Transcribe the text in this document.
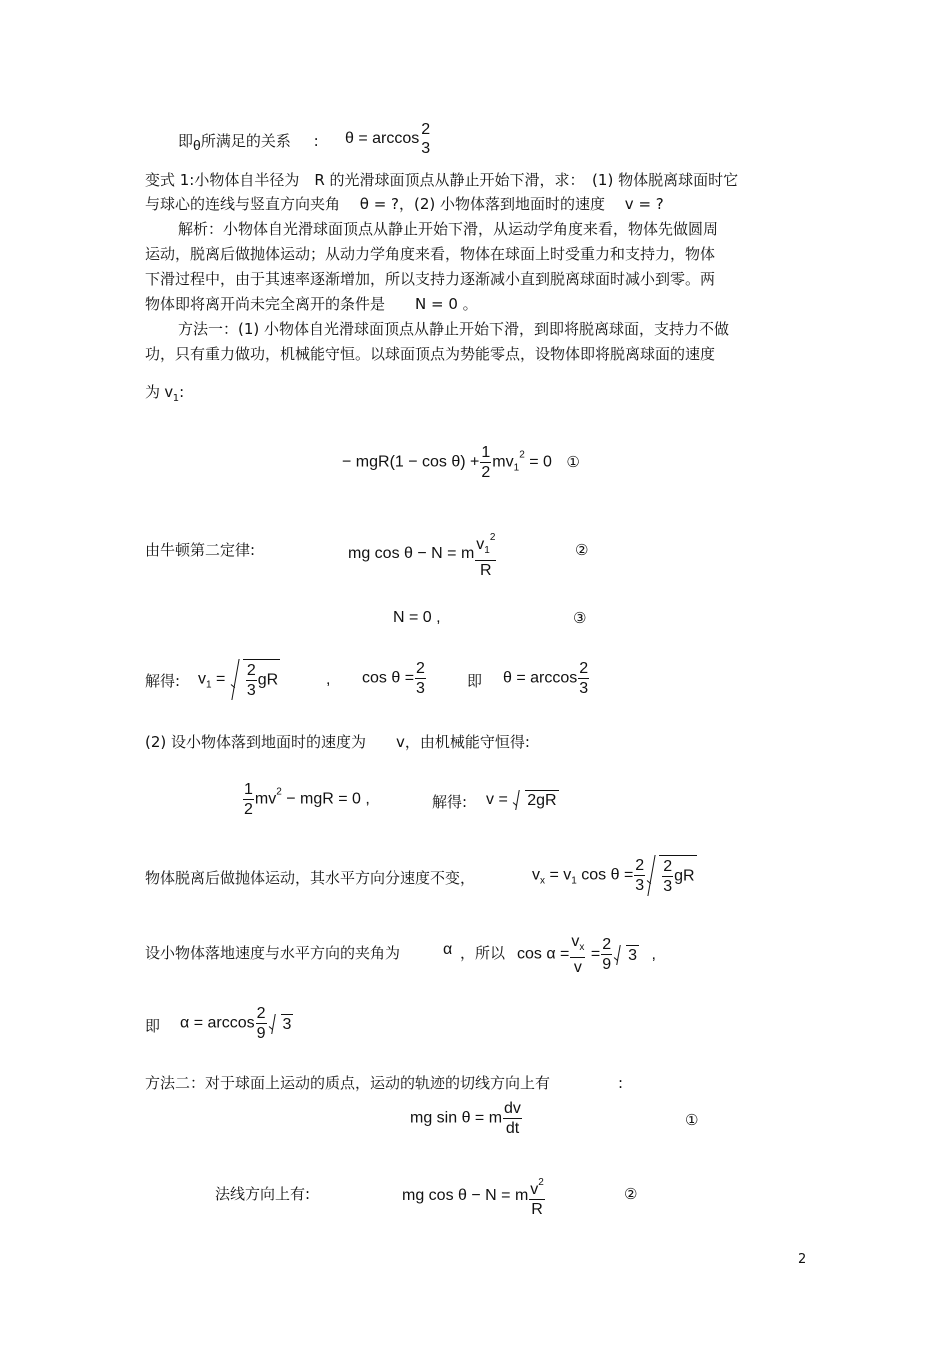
即θ所满足的关系 : θ = arccos
2
3
变式 1:小物体自半径为　R 的光滑球面顶点从静止开始下滑，求：　(1) 物体脱离球面时它
与球心的连线与竖直方向夹角　 θ = ?，(2) 小物体落到地面时的速度　 v = ?
解析：小物体自光滑球面顶点从静止开始下滑，从运动学角度来看，物体先做圆周
运动，脱离后做抛体运动；从动力学角度来看，物体在球面上时受重力和支持力，物体
下滑过程中，由于其速率逐渐增加，所以支持力逐渐减小直到脱离球面时减小到零。两
物体即将离开尚未完全离开的条件是　　N = 0 。
方法一：(1) 小物体自光滑球面顶点从静止开始下滑，到即将脱离球面，支持力不做
功，只有重力做功，机械能守恒。以球面顶点为势能零点，设物体即将脱离球面的速度
为 $v_1$:
− $mgR(1 - \cos \theta) + \frac{1}{2} mv_1^2 = 0$ ①
由牛顿第二定律:	mg cos θ − N = m $\frac{v_1^2}{R}$	②
N = 0 ,	③
解得: $v_1 = \frac{2}{3}$ gR	, $\cos \theta = \frac{2}{3}$	即 $\theta = \arccos \frac{2}{3}$
(2) 设小物体落到地面时的速度为　　v，由机械能守恒得:
$\frac{1}{2} mv^2$ − mgR = 0 ,	解得: v = 2gR
物体脱离后做抛体运动，其水平方向分速度不变，	$v_x = v_1$ $\cos \theta = \frac{2}{3} \frac{2}{3}$ gR
设小物体落地速度与水平方向的夹角为	α ，所以 $\cos \alpha = \frac{v_x}{v} = \frac{2}{9} 3$ ,
即 $\alpha = \arccos \frac{2}{9} 3$
方法二：对于球面上运动的质点，运动的轨迹的切线方向上有	:
mg sin θ = m $\frac{dv}{dt}$	①
法线方向上有:	mg cos θ − N = m $\frac{v^2}{R}$	②
2
